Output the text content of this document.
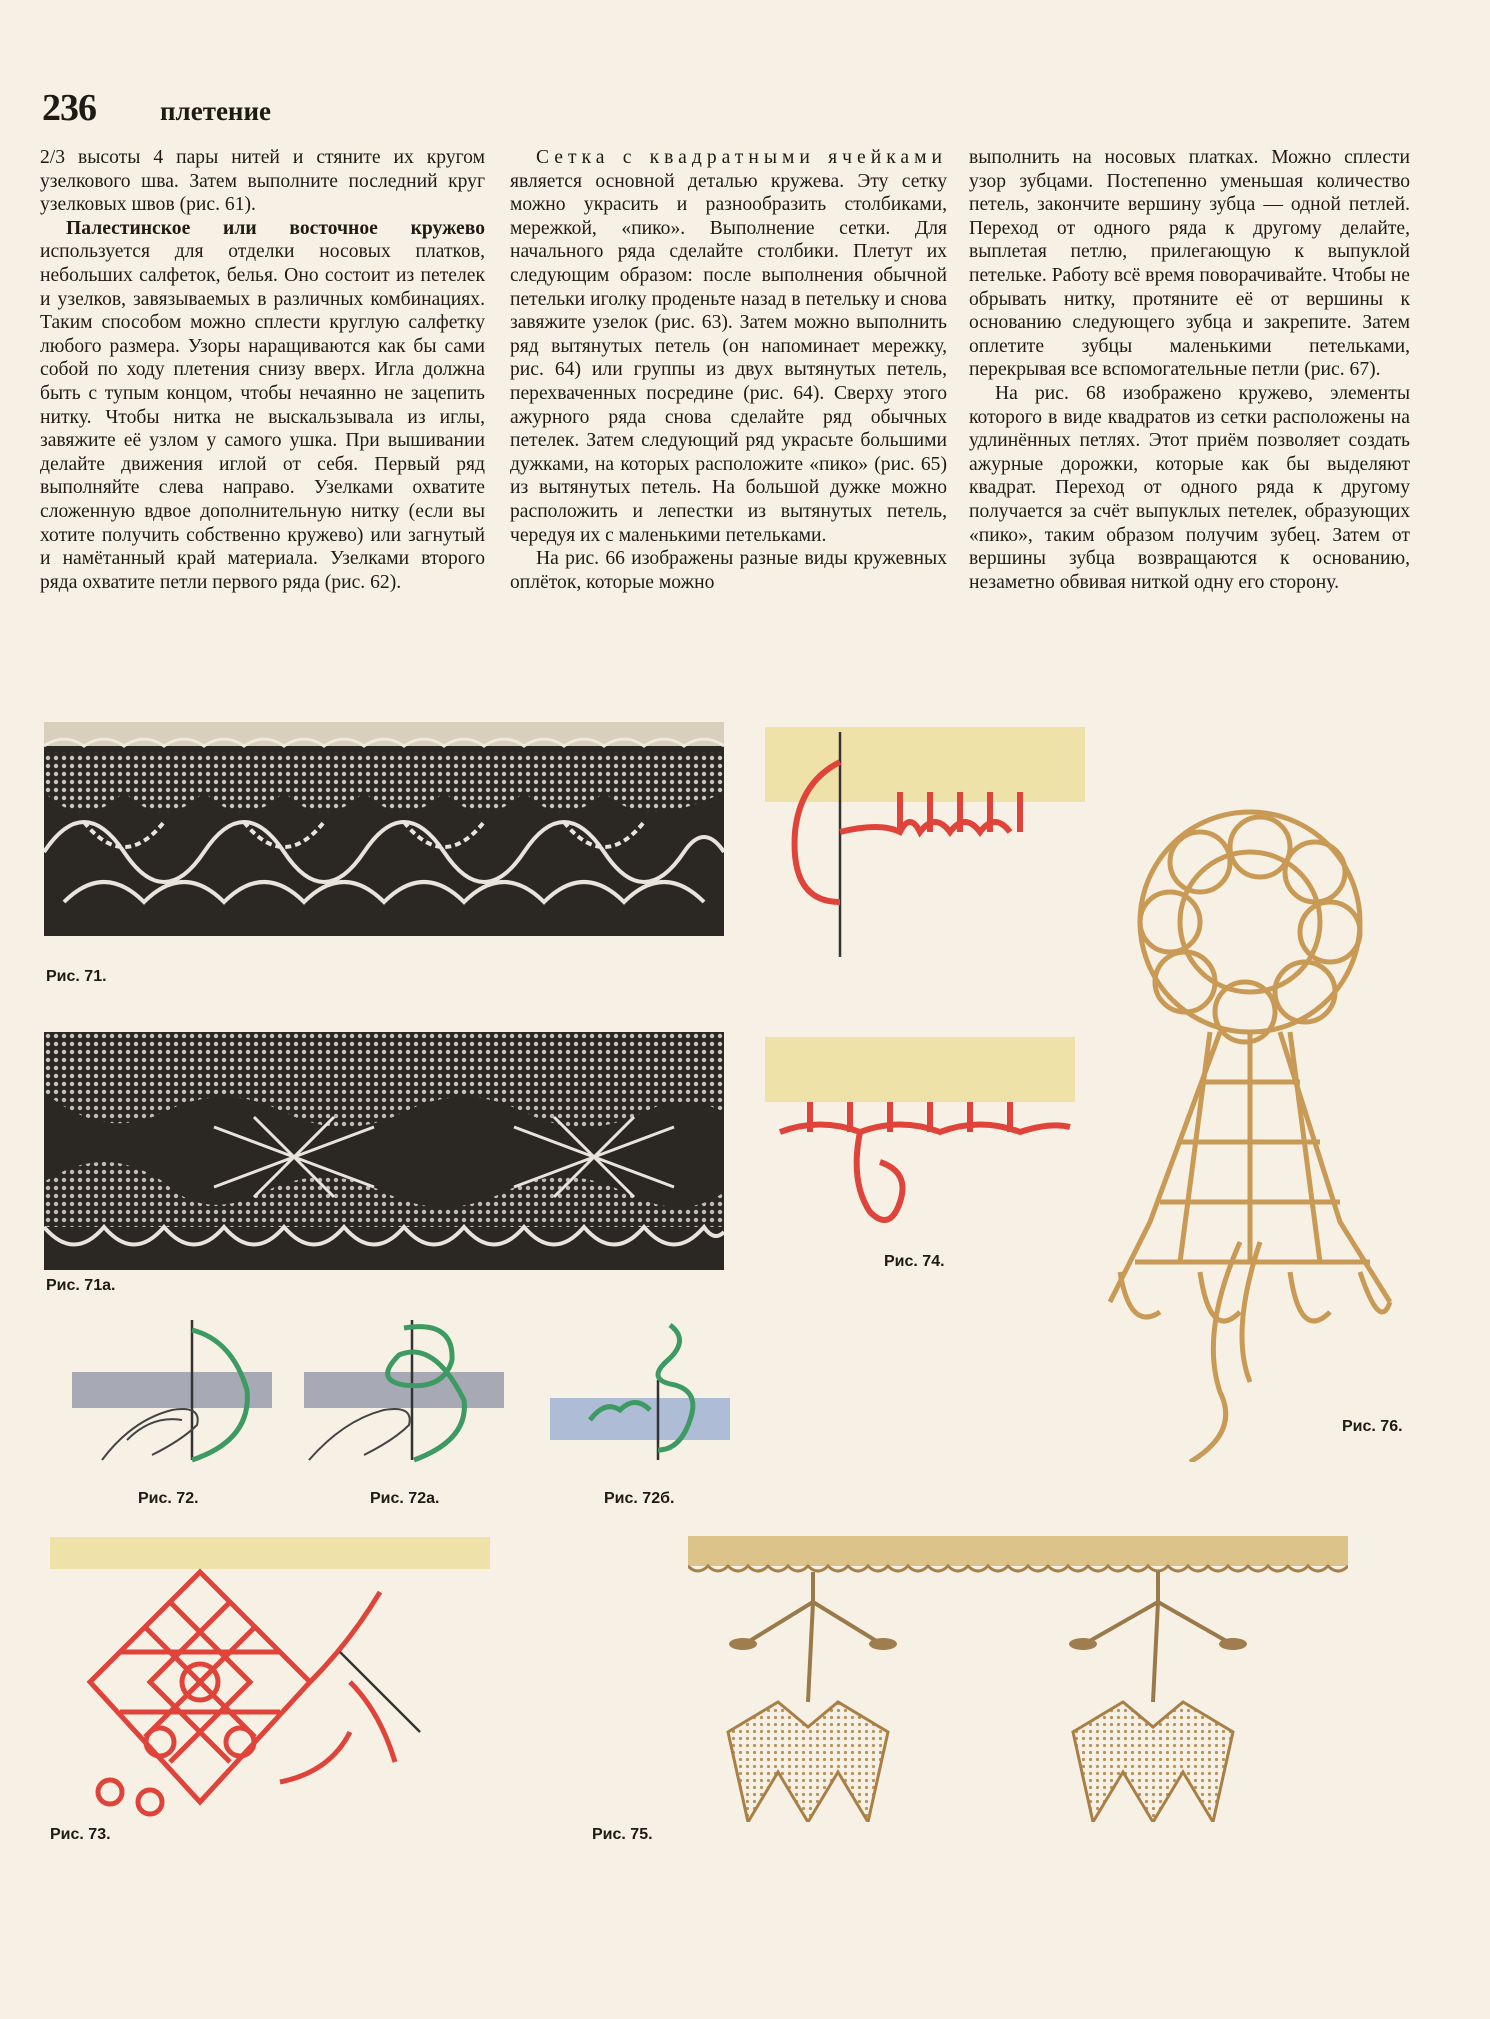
236 плетение

2/3 высоты 4 пары нитей и стяните их кругом узелкового шва. Затем выполните последний круг узелковых швов (рис. 61).

Палестинское или восточное кружево используется для отделки носовых платков, небольших салфеток, белья. Оно состоит из петелек и узелков, завязываемых в различных комбинациях. Таким способом можно сплести круглую салфетку любого размера. Узоры наращиваются как бы сами собой по ходу плетения снизу вверх. Игла должна быть с тупым концом, чтобы нечаянно не зацепить нитку. Чтобы нитка не выскальзывала из иглы, завяжите её узлом у самого ушка. При вышивании делайте движения иглой от себя. Первый ряд выполняйте слева направо. Узелками охватите сложенную вдвое дополнительную нитку (если вы хотите получить собственно кружево) или загнутый и намётанный край материала. Узелками второго ряда охватите петли первого ряда (рис. 62).

Сетка с квадратными ячейками является основной деталью кружева. Эту сетку можно украсить и разнообразить столбиками, мережкой, «пико». Выполнение сетки. Для начального ряда сделайте столбики. Плетут их следующим образом: после выполнения обычной петельки иголку проденьте назад в петельку и снова завяжите узелок (рис. 63). Затем можно выполнить ряд вытянутых петель (он напоминает мережку, рис. 64) или группы из двух вытянутых петель, перехваченных посредине (рис. 64). Сверху этого ажурного ряда снова сделайте ряд обычных петелек. Затем следующий ряд украсьте большими дужками, на которых расположите «пико» (рис. 65) из вытянутых петель. На большой дужке можно расположить и лепестки из вытянутых петель, чередуя их с маленькими петельками.

На рис. 66 изображены разные виды кружевных оплёток, которые можно

выполнить на носовых платках. Можно сплести узор зубцами. Постепенно уменьшая количество петель, закончите вершину зубца — одной петлей. Переход от одного ряда к другому делайте, выплетая петлю, прилегающую к выпуклой петельке. Работу всё время поворачивайте. Чтобы не обрывать нитку, протяните её от вершины к основанию следующего зубца и закрепите. Затем оплетите зубцы маленькими петельками, перекрывая все вспомогательные петли (рис. 67).

На рис. 68 изображено кружево, элементы которого в виде квадратов из сетки расположены на удлинённых петлях. Этот приём позволяет создать ажурные дорожки, которые как бы выделяют квадрат. Переход от одного ряда к другому получается за счёт выпуклых петелек, образующих «пико», таким образом получим зубец. Затем от вершины зубца возвращаются к основанию, незаметно обвивая ниткой одну его сторону.

Рис. 71.
Рис. 71а.
Рис. 72.	Рис. 72а.	Рис. 72б.
Рис. 73.
Рис. 74.
Рис. 76.
Рис. 75.
